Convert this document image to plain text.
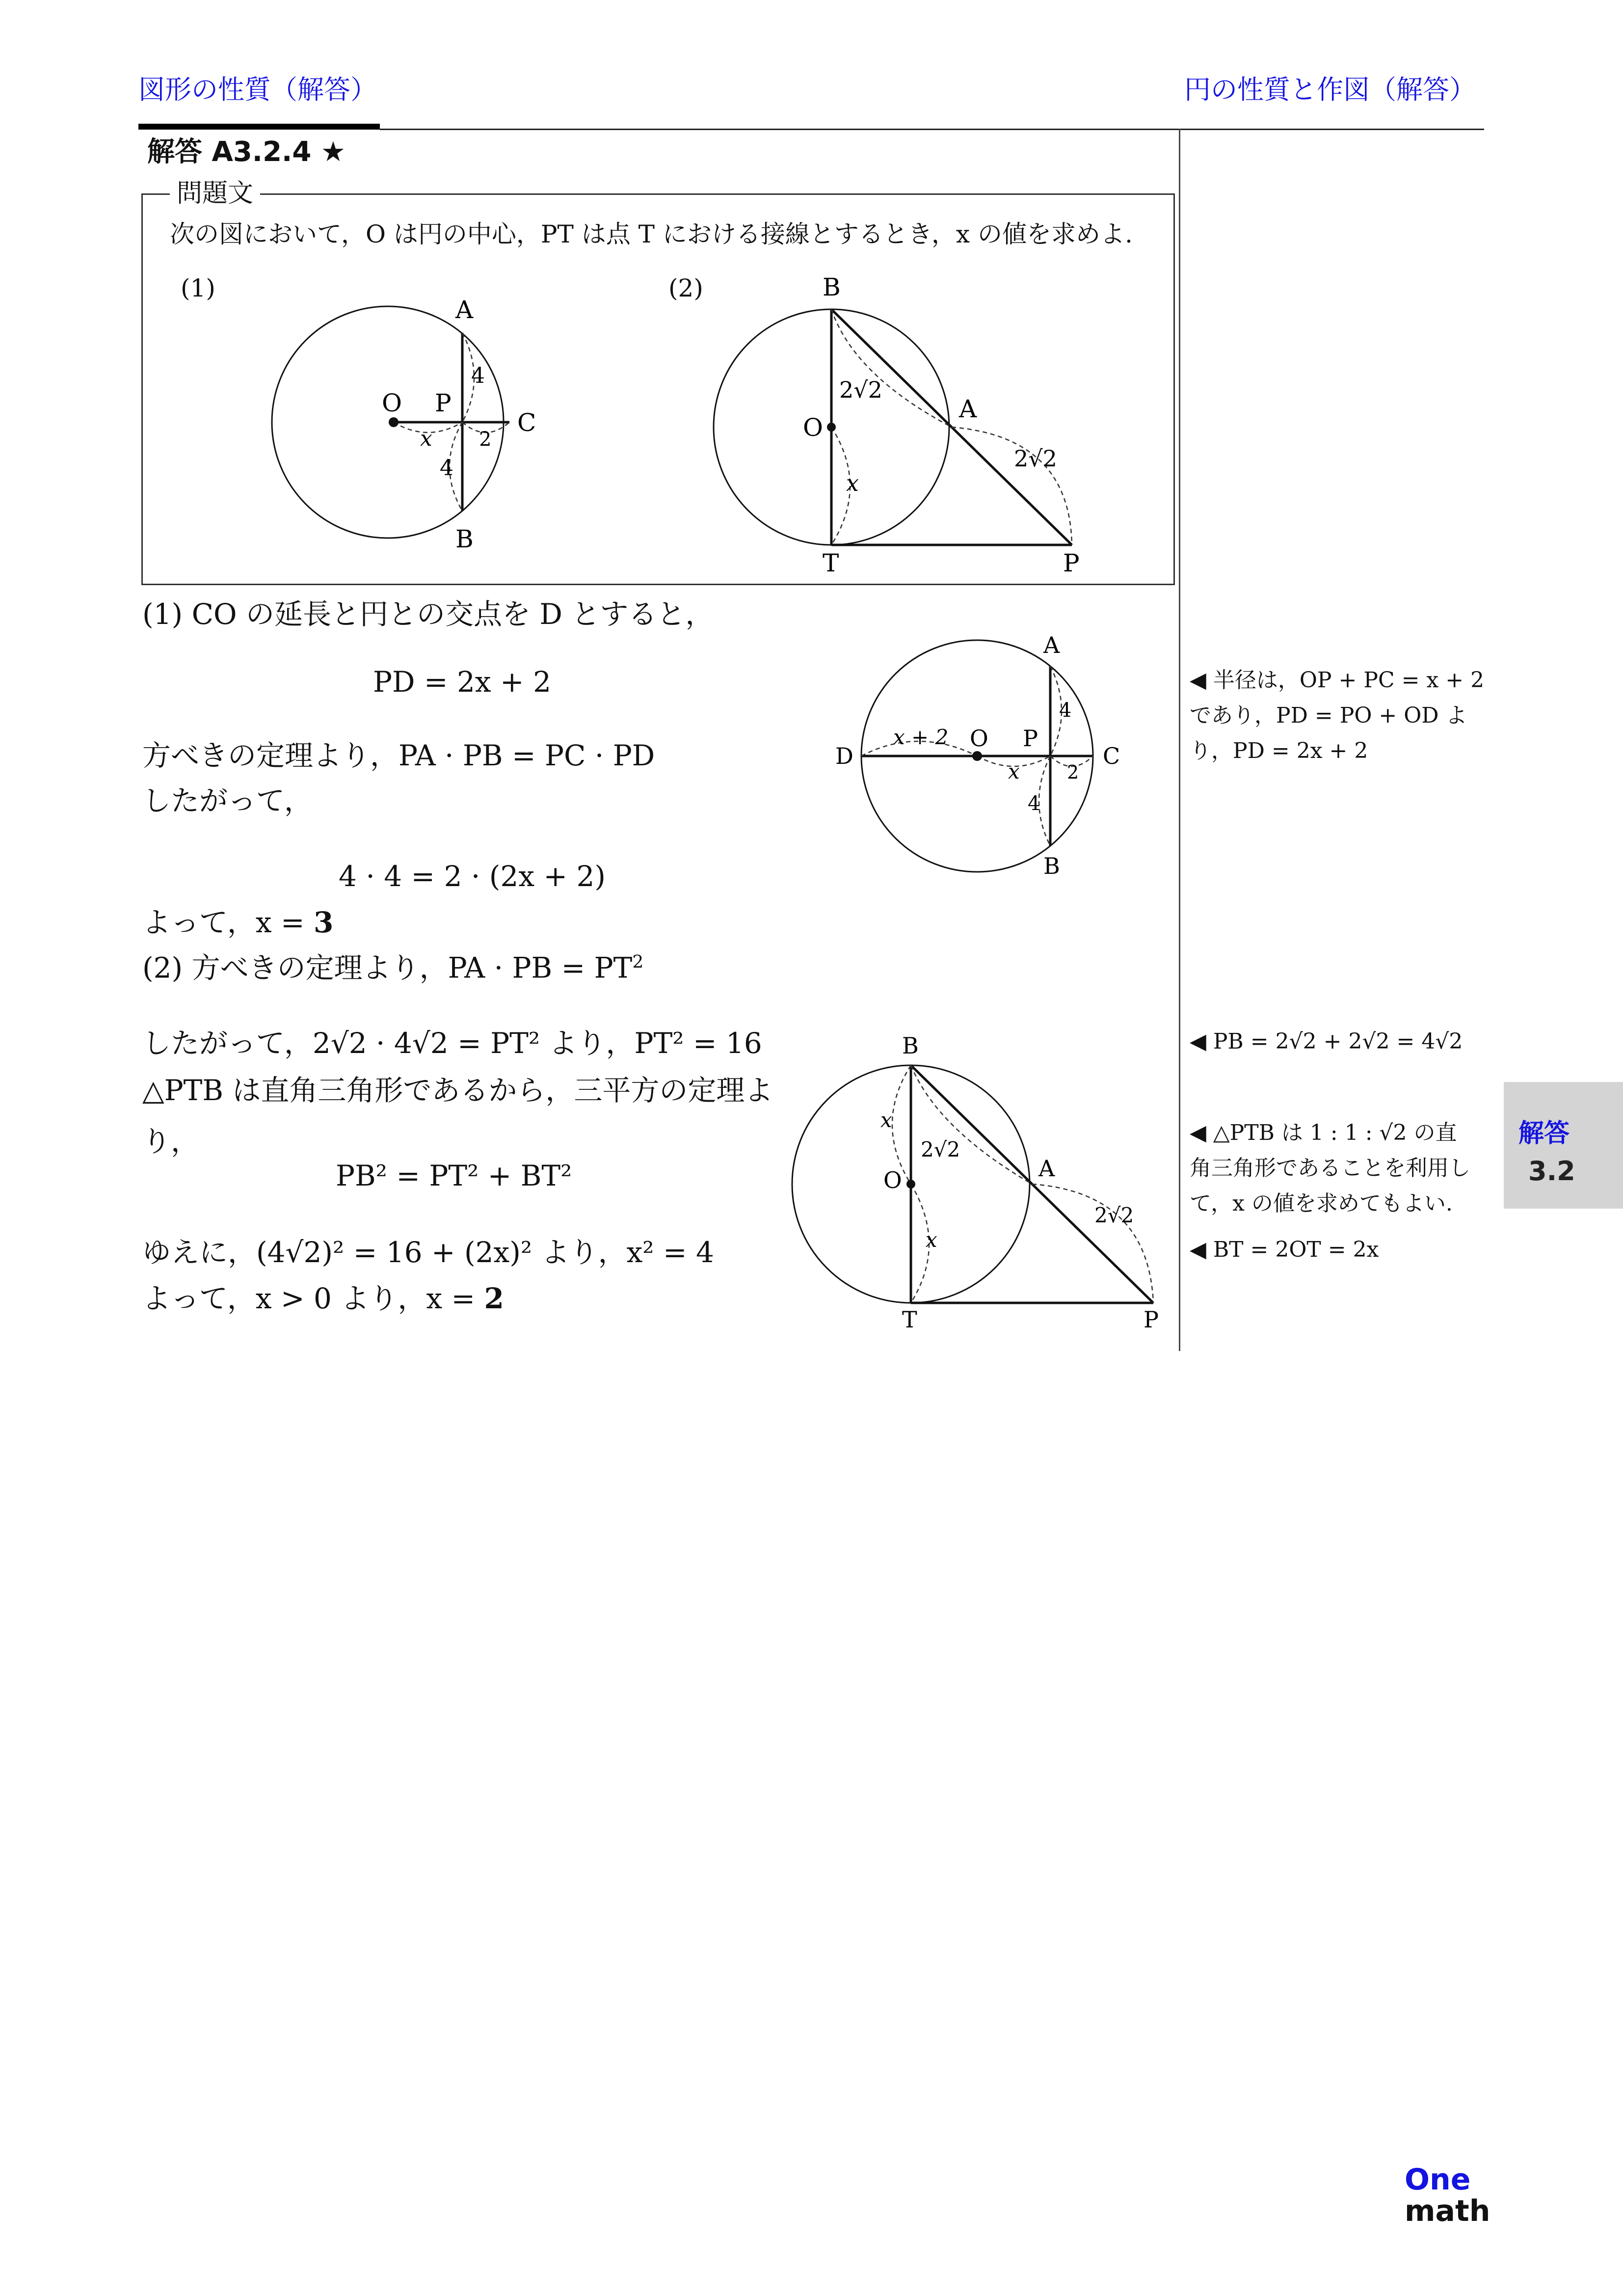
図形の性質（解答）	円の性質と作図（解答）
解答 A3.2.4 ★
問題文
次の図において，O は円の中心，PT は点 T における接線とするとき，x の値を求めよ.
(1)	(2)
A
B
C
O P
4
4
2
x
B
A
O
T	P
2√2
2√2
x
(1) CO の延長と円との交点を D とすると，
PD = 2x + 2
方べきの定理より，PA · PB = PC · PD
したがって，
4 · 4 = 2 · (2x + 2)
よって，x = 3
A
B
C
D
O P
x + 2
x
4
4
2
(2) 方べきの定理より，PA · PB = $PT^2$
したがって，2√2 · 4√2 = PT² より，PT² = 16
△PTB は直角三角形であるから，三平方の定理よ
り，
PB² = PT² + BT²
ゆえに，(4√2)² = 16 + (2x)² より，x² = 4
よって，x > 0 より，x = 2
B
A
O
T	P
x
x
2√2
2√2
◀ 半径は，OP + PC = x + 2
であり，PD = PO + OD よ
り，PD = 2x + 2
◀ PB = 2√2 + 2√2 = 4√2
◀ △PTB は 1 : 1 : √2 の直
角三角形であることを利用し
て，x の値を求めてもよい.
◀ BT = 2OT = 2x
解答
3.2
One
math
